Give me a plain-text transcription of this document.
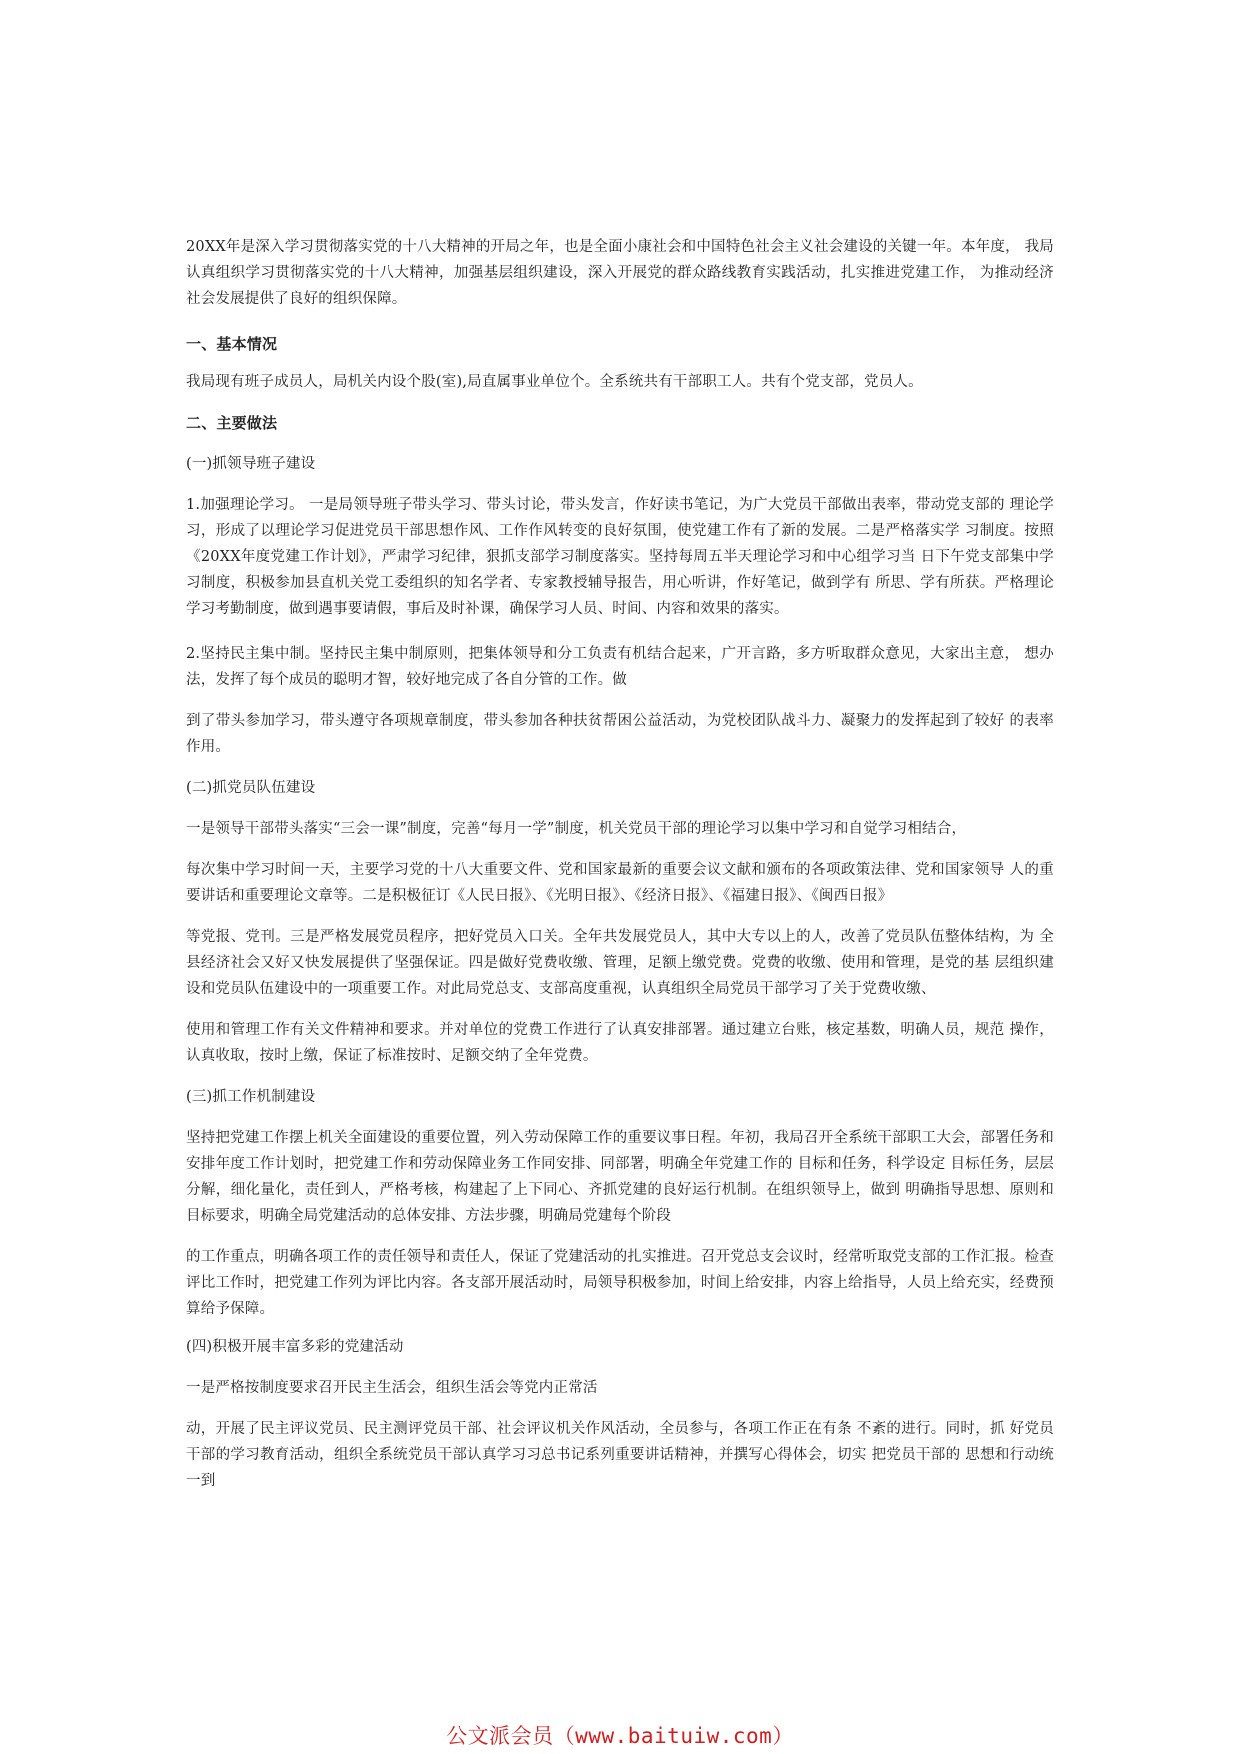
20XX年是深入学习贯彻落实党的十八大精神的开局之年，也是全面小康社会和中国特色社会主义社会建设的关键一年。本年度， 我局认真组织学习贯彻落实党的十八大精神，加强基层组织建设，深入开展党的群众路线教育实践活动，扎实推进党建工作， 为推动经济社会发展提供了良好的组织保障。

一、基本情况

我局现有班子成员人，局机关内设个股(室),局直属事业单位个。全系统共有干部职工人。共有个党支部，党员人。

二、主要做法

(一)抓领导班子建设

1.加强理论学习。 一是局领导班子带头学习、带头讨论，带头发言，作好读书笔记，为广大党员干部做出表率，带动党支部的 理论学习，形成了以理论学习促进党员干部思想作风、工作作风转变的良好氛围，使党建工作有了新的发展。二是严格落实学 习制度。按照《20XX年度党建工作计划》，严肃学习纪律，狠抓支部学习制度落实。坚持每周五半天理论学习和中心组学习当 日下午党支部集中学习制度，积极参加县直机关党工委组织的知名学者、专家教授辅导报告，用心听讲，作好笔记，做到学有 所思、学有所获。严格理论学习考勤制度，做到遇事要请假，事后及时补课，确保学习人员、时间、内容和效果的落实。

2.坚持民主集中制。坚持民主集中制原则，把集体领导和分工负责有机结合起来，广开言路，多方听取群众意见，大家出主意， 想办法，发挥了每个成员的聪明才智，较好地完成了各自分管的工作。做

到了带头参加学习，带头遵守各项规章制度，带头参加各种扶贫帮困公益活动，为党校团队战斗力、凝聚力的发挥起到了较好 的表率作用。

(二)抓党员队伍建设

一是领导干部带头落实“三会一课”制度，完善“每月一学”制度，机关党员干部的理论学习以集中学习和自觉学习相结合，

每次集中学习时间一天，主要学习党的十八大重要文件、党和国家最新的重要会议文献和颁布的各项政策法律、党和国家领导 人的重要讲话和重要理论文章等。二是积极征订《人民日报》、《光明日报》、《经济日报》、《福建日报》、《闽西日报》

等党报、党刊。三是严格发展党员程序，把好党员入口关。全年共发展党员人，其中大专以上的人，改善了党员队伍整体结构，为 全县经济社会又好又快发展提供了坚强保证。四是做好党费收缴、管理，足额上缴党费。党费的收缴、使用和管理，是党的基 层组织建设和党员队伍建设中的一项重要工作。对此局党总支、支部高度重视，认真组织全局党员干部学习了关于党费收缴、

使用和管理工作有关文件精神和要求。并对单位的党费工作进行了认真安排部署。通过建立台账，核定基数，明确人员，规范 操作，认真收取，按时上缴，保证了标准按时、足额交纳了全年党费。

(三)抓工作机制建设

坚持把党建工作摆上机关全面建设的重要位置，列入劳动保障工作的重要议事日程。年初，我局召开全系统干部职工大会，部署任务和安排年度工作计划时，把党建工作和劳动保障业务工作同安排、同部署，明确全年党建工作的 目标和任务，科学设定 目标任务，层层分解，细化量化，责任到人，严格考核，构建起了上下同心、齐抓党建的良好运行机制。在组织领导上，做到 明确指导思想、原则和目标要求，明确全局党建活动的总体安排、方法步骤，明确局党建每个阶段

的工作重点，明确各项工作的责任领导和责任人，保证了党建活动的扎实推进。召开党总支会议时，经常听取党支部的工作汇报。检查评比工作时，把党建工作列为评比内容。各支部开展活动时，局领导积极参加，时间上给安排，内容上给指导，人员上给充实，经费预算给予保障。

(四)积极开展丰富多彩的党建活动

一是严格按制度要求召开民主生活会，组织生活会等党内正常活

动，开展了民主评议党员、民主测评党员干部、社会评议机关作风活动，全员参与，各项工作正在有条 不紊的进行。同时，抓 好党员干部的学习教育活动，组织全系统党员干部认真学习习总书记系列重要讲话精神，并撰写心得体会，切实 把党员干部的 思想和行动统一到

公文派会员（www.baituiw.com）
